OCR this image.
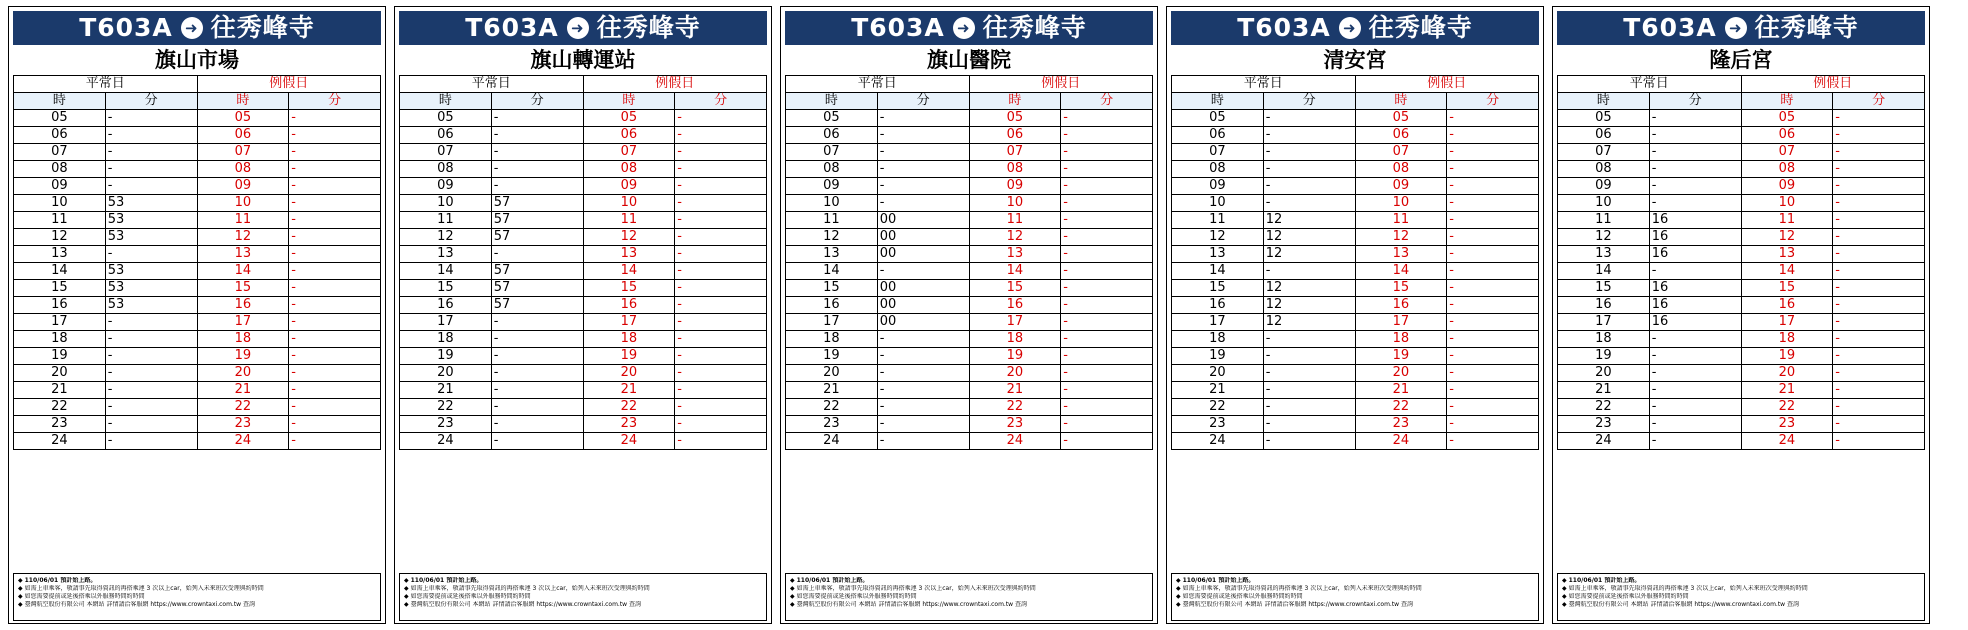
T603A ➜ 往秀峰寺
旗山市場
平常日		例假日	
時	分	時	分
05	-	05	-
06	-	06	-
07	-	07	-
08	-	08	-
09	-	09	-
10	53	10	-
11	53	11	-
12	53	12	-
13	-	13	-
14	53	14	-
15	53	15	-
16	53	16	-
17	-	17	-
18	-	18	-
19	-	19	-
20	-	20	-
21	-	21	-
22	-	22	-
23	-	23	-
24	-	24	-
◆ 110/06/01 預計始上路。
◆ 如需上車乘客，敬請事先取得資訊的再搭乘連 3 次以上car，始列入未來班次受理與約時間
◆ 如您需要提前或延後搭乘以外服務時間約時間
◆ 臺灣航空股份有限公司 本網站 詳情請洽客服網 https://www.crowntaxi.com.tw 查詢
T603A ➜ 往秀峰寺
旗山轉運站
平常日		例假日	
時	分	時	分
05	-	05	-
06	-	06	-
07	-	07	-
08	-	08	-
09	-	09	-
10	57	10	-
11	57	11	-
12	57	12	-
13	-	13	-
14	57	14	-
15	57	15	-
16	57	16	-
17	-	17	-
18	-	18	-
19	-	19	-
20	-	20	-
21	-	21	-
22	-	22	-
23	-	23	-
24	-	24	-
◆ 110/06/01 預計始上路。
◆ 如需上車乘客，敬請事先取得資訊的再搭乘連 3 次以上car，始列入未來班次受理與約時間
◆ 如您需要提前或延後搭乘以外服務時間約時間
◆ 臺灣航空股份有限公司 本網站 詳情請洽客服網 https://www.crowntaxi.com.tw 查詢
T603A ➜ 往秀峰寺
旗山醫院
平常日		例假日	
時	分	時	分
05	-	05	-
06	-	06	-
07	-	07	-
08	-	08	-
09	-	09	-
10	-	10	-
11	00	11	-
12	00	12	-
13	00	13	-
14	-	14	-
15	00	15	-
16	00	16	-
17	00	17	-
18	-	18	-
19	-	19	-
20	-	20	-
21	-	21	-
22	-	22	-
23	-	23	-
24	-	24	-
◆ 110/06/01 預計始上路。
◆ 如需上車乘客，敬請事先取得資訊的再搭乘連 3 次以上car，始列入未來班次受理與約時間
◆ 如您需要提前或延後搭乘以外服務時間約時間
◆ 臺灣航空股份有限公司 本網站 詳情請洽客服網 https://www.crowntaxi.com.tw 查詢
T603A ➜ 往秀峰寺
清安宮
平常日		例假日	
時	分	時	分
05	-	05	-
06	-	06	-
07	-	07	-
08	-	08	-
09	-	09	-
10	-	10	-
11	12	11	-
12	12	12	-
13	12	13	-
14	-	14	-
15	12	15	-
16	12	16	-
17	12	17	-
18	-	18	-
19	-	19	-
20	-	20	-
21	-	21	-
22	-	22	-
23	-	23	-
24	-	24	-
◆ 110/06/01 預計始上路。
◆ 如需上車乘客，敬請事先取得資訊的再搭乘連 3 次以上car，始列入未來班次受理與約時間
◆ 如您需要提前或延後搭乘以外服務時間約時間
◆ 臺灣航空股份有限公司 本網站 詳情請洽客服網 https://www.crowntaxi.com.tw 查詢
T603A ➜ 往秀峰寺
隆后宮
平常日		例假日	
時	分	時	分
05	-	05	-
06	-	06	-
07	-	07	-
08	-	08	-
09	-	09	-
10	-	10	-
11	16	11	-
12	16	12	-
13	16	13	-
14	-	14	-
15	16	15	-
16	16	16	-
17	16	17	-
18	-	18	-
19	-	19	-
20	-	20	-
21	-	21	-
22	-	22	-
23	-	23	-
24	-	24	-
◆ 110/06/01 預計始上路。
◆ 如需上車乘客，敬請事先取得資訊的再搭乘連 3 次以上car，始列入未來班次受理與約時間
◆ 如您需要提前或延後搭乘以外服務時間約時間
◆ 臺灣航空股份有限公司 本網站 詳情請洽客服網 https://www.crowntaxi.com.tw 查詢
